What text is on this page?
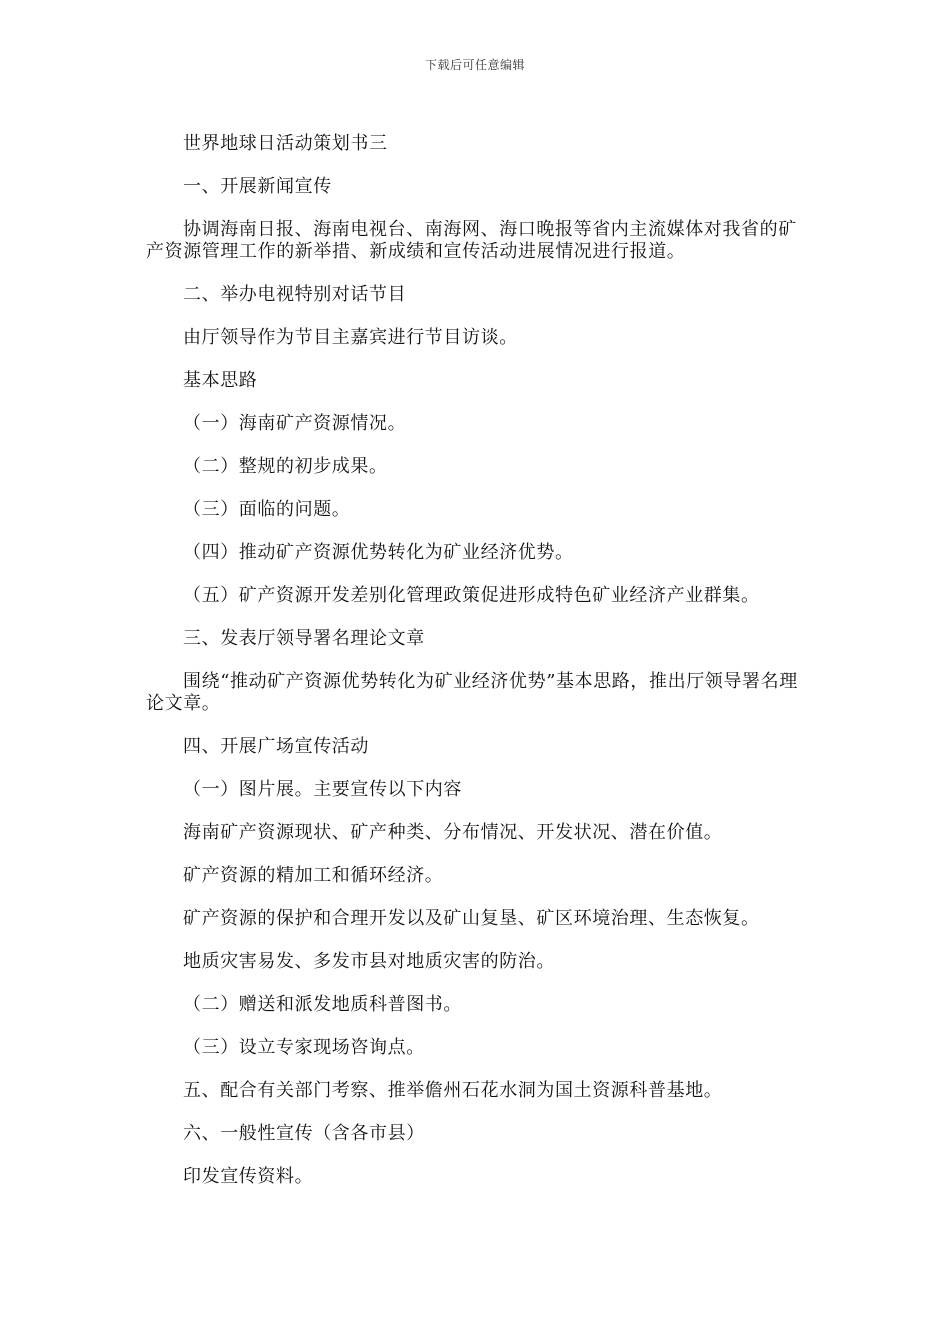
下载后可任意编辑

世界地球日活动策划书三

一、开展新闻宣传

协调海南日报、海南电视台、南海网、海口晚报等省内主流媒体对我省的矿产资源管理工作的新举措、新成绩和宣传活动进展情况进行报道。

二、举办电视特别对话节目

由厅领导作为节目主嘉宾进行节目访谈。

基本思路

（一）海南矿产资源情况。

（二）整规的初步成果。

（三）面临的问题。

（四）推动矿产资源优势转化为矿业经济优势。

（五）矿产资源开发差别化管理政策促进形成特色矿业经济产业群集。

三、发表厅领导署名理论文章

围绕“推动矿产资源优势转化为矿业经济优势”基本思路，推出厅领导署名理论文章。

四、开展广场宣传活动

（一）图片展。主要宣传以下内容

海南矿产资源现状、矿产种类、分布情况、开发状况、潜在价值。

矿产资源的精加工和循环经济。

矿产资源的保护和合理开发以及矿山复垦、矿区环境治理、生态恢复。

地质灾害易发、多发市县对地质灾害的防治。

（二）赠送和派发地质科普图书。

（三）设立专家现场咨询点。

五、配合有关部门考察、推举儋州石花水洞为国土资源科普基地。

六、一般性宣传（含各市县）

印发宣传资料。
